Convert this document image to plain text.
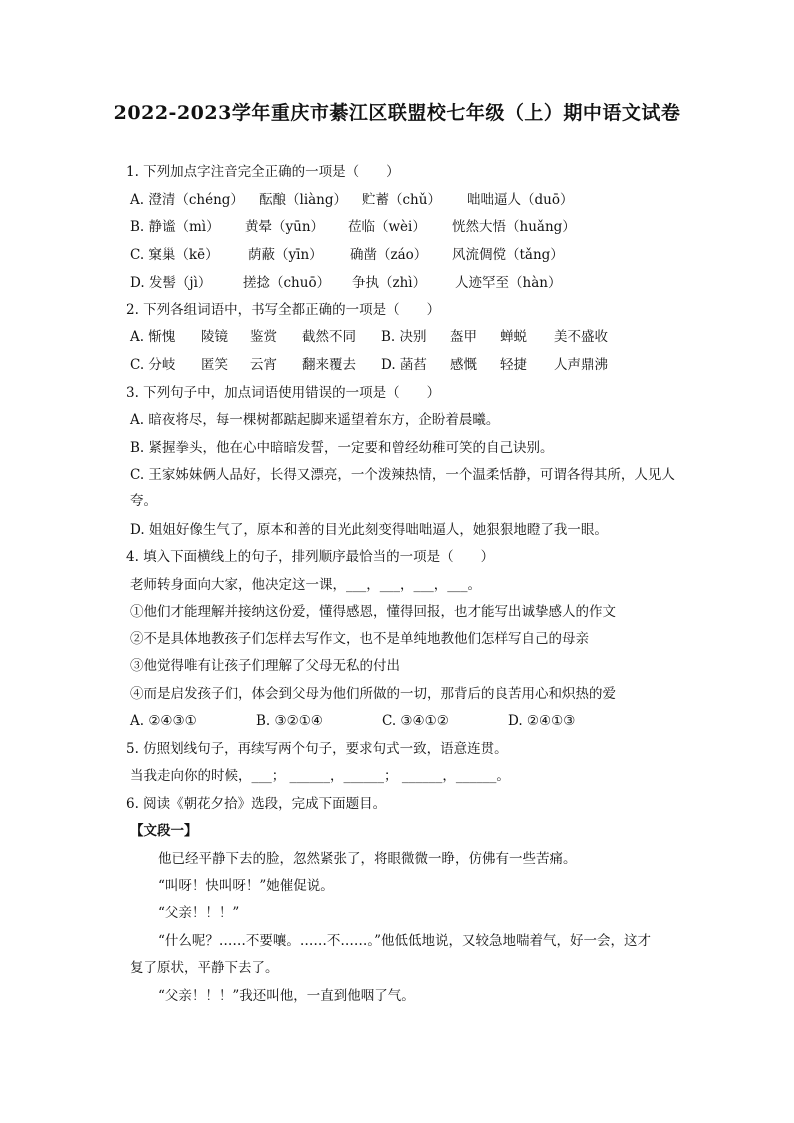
2022-2023学年重庆市綦江区联盟校七年级（上）期中语文试卷
1. 下列加点字注音完全正确的一项是（　　）
A. 澄清（chéng） 酝酿（liàng） 贮蓄（chǔ） 咄咄逼人（duō）
B. 静谧（mì） 黄晕（yūn） 莅临（wèi） 恍然大悟（huǎng）
C. 窠巢（kē） 荫蔽（yīn） 确凿（záo） 风流倜傥（tǎng）
D. 发髻（jì） 搓捻（chuō） 争执（zhì） 人迹罕至（hàn）
2. 下列各组词语中，书写全都正确的一项是（　　）
A. 惭愧 陵镜 鉴赏 截然不同 B. 决别 盔甲 蝉蜕 美不盛收
C. 分岐 匿笑 云宵 翻来覆去 D. 菡萏 感慨 轻捷 人声鼎沸
3. 下列句子中，加点词语使用错误的一项是（　　）
A. 暗夜将尽，每一棵树都踮起脚来遥望着东方，企盼着晨曦。
B. 紧握拳头，他在心中暗暗发誓，一定要和曾经幼稚可笑的自己诀别。
C. 王家姊妹俩人品好，长得又漂亮，一个泼辣热情，一个温柔恬静，可谓各得其所，人见人
夸。
D. 姐姐好像生气了，原本和善的目光此刻变得咄咄逼人，她狠狠地瞪了我一眼。
4. 填入下面横线上的句子，排列顺序最恰当的一项是（　　）
老师转身面向大家，他决定这一课，___，___，___，___。
①他们才能理解并接纳这份爱，懂得感恩，懂得回报，也才能写出诚挚感人的作文
②不是具体地教孩子们怎样去写作文，也不是单纯地教他们怎样写自己的母亲
③他觉得唯有让孩子们理解了父母无私的付出
④而是启发孩子们，体会到父母为他们所做的一切，那背后的良苦用心和炽热的爱
A. ②④③①	B. ③②①④	C. ③④①②	D. ②④①③
5. 仿照划线句子，再续写两个句子，要求句式一致，语意连贯。
当我走向你的时候，___； ______，______； ______，______。
6. 阅读《朝花夕拾》选段，完成下面题目。
【文段一】
他已经平静下去的脸，忽然紧张了，将眼微微一睁，仿佛有一些苦痛。
“叫呀！快叫呀！”她催促说。
“父亲！！！”
“什么呢？……不要嚷。……不……。”他低低地说，又较急地喘着气，好一会，这才
复了原状，平静下去了。
“父亲！！！”我还叫他，一直到他咽了气。
